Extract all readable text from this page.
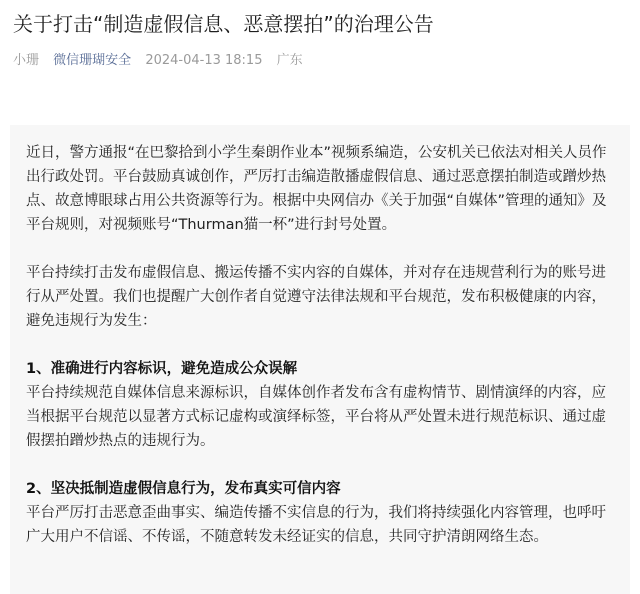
关于打击“制造虚假信息、恶意摆拍”的治理公告
小珊 微信珊瑚安全 2024-04-13 18:15 广东

近日，警方通报“在巴黎拾到小学生秦朗作业本”视频系编造，公安机关已依法对相关人员作出行政处罚。平台鼓励真诚创作，严厉打击编造散播虚假信息、通过恶意摆拍制造或蹭炒热点、故意博眼球占用公共资源等行为。根据中央网信办《关于加强“自媒体”管理的通知》及平台规则，对视频账号“Thurman猫一杯”进行封号处置。

平台持续打击发布虚假信息、搬运传播不实内容的自媒体，并对存在违规营利行为的账号进行从严处置。我们也提醒广大创作者自觉遵守法律法规和平台规范，发布积极健康的内容，避免违规行为发生：

1、准确进行内容标识，避免造成公众误解

平台持续规范自媒体信息来源标识，自媒体创作者发布含有虚构情节、剧情演绎的内容，应当根据平台规范以显著方式标记虚构或演绎标签，平台将从严处置未进行规范标识、通过虚假摆拍蹭炒热点的违规行为。

2、坚决抵制造虚假信息行为，发布真实可信内容

平台严厉打击恶意歪曲事实、编造传播不实信息的行为，我们将持续强化内容管理，也呼吁广大用户不信谣、不传谣，不随意转发未经证实的信息，共同守护清朗网络生态。
